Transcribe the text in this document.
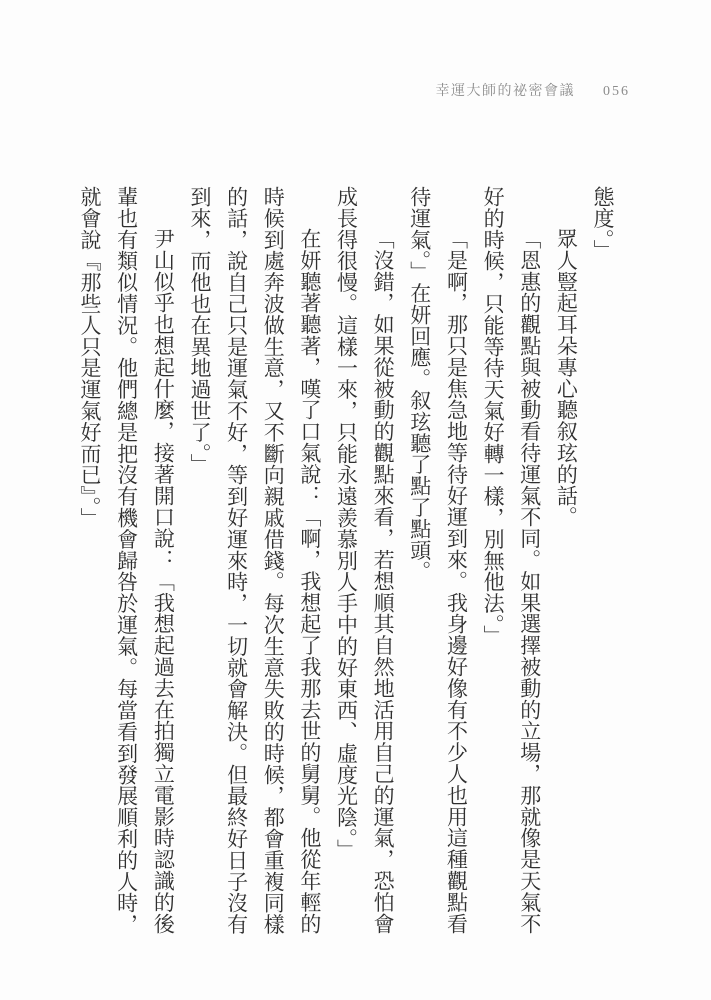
幸運大師的祕密會議 056

態度。」

眾人豎起耳朵專心聽叙玹的話。

「恩惠的觀點與被動看待運氣不同。如果選擇被動的立場，那就像是天氣不好的時候，只能等待天氣好轉一樣，別無他法。」

「是啊，那只是焦急地等待好運到來。我身邊好像有不少人也用這種觀點看待運氣。」在妍回應。叙玹聽了點了點頭。

「沒錯，如果從被動的觀點來看，若想順其自然地活用自己的運氣，恐怕會成長得很慢。這樣一來，只能永遠羨慕別人手中的好東西、虛度光陰。」

在妍聽著聽著，嘆了口氣說：「啊，我想起了我那去世的舅舅。他從年輕的時候到處奔波做生意，又不斷向親戚借錢。每次生意失敗的時候，都會重複同樣的話，說自己只是運氣不好，等到好運來時，一切就會解決。但最終好日子沒有到來，而他也在異地過世了。」

尹山似乎也想起什麼，接著開口說：「我想起過去在拍獨立電影時認識的後輩也有類似情況。他們總是把沒有機會歸咎於運氣。每當看到發展順利的人時，就會說『那些人只是運氣好而已』。」
